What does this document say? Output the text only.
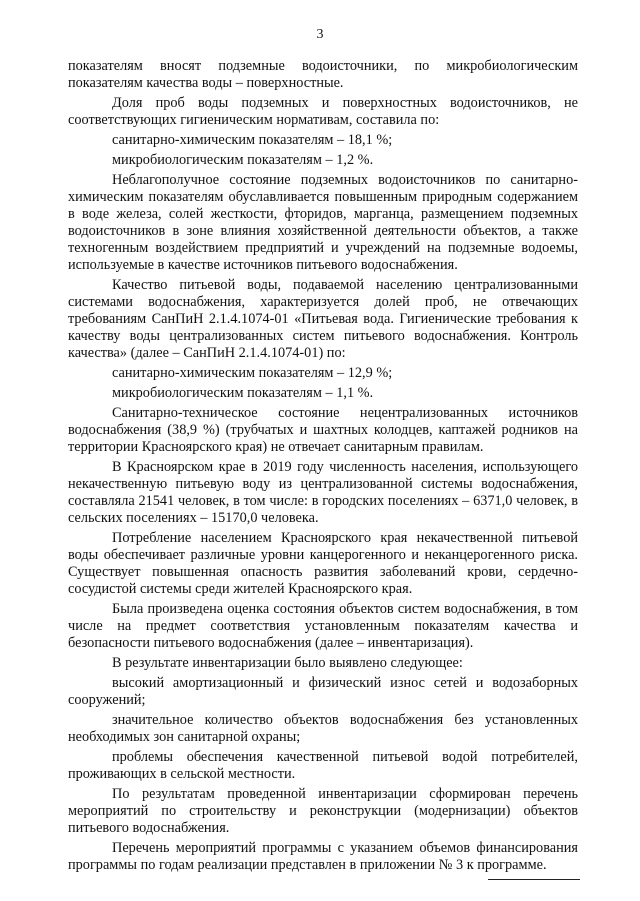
3

показателям вносят подземные водоисточники, по микробиологическим показателям качества воды – поверхностные.

Доля проб воды подземных и поверхностных водоисточников, не соответствующих гигиеническим нормативам, составила по:

санитарно-химическим показателям – 18,1 %;

микробиологическим показателям – 1,2 %.

Неблагополучное состояние подземных водоисточников по санитарно-химическим показателям обуславливается повышенным природным содержанием в воде железа, солей жесткости, фторидов, марганца, размещением подземных водоисточников в зоне влияния хозяйственной деятельности объектов, а также техногенным воздействием предприятий и учреждений на подземные водоемы, используемые в качестве источников питьевого водоснабжения.

Качество питьевой воды, подаваемой населению централизованными системами водоснабжения, характеризуется долей проб, не отвечающих требованиям СанПиН 2.1.4.1074-01 «Питьевая вода. Гигиенические требования к качеству воды централизованных систем питьевого водоснабжения. Контроль качества» (далее – СанПиН 2.1.4.1074-01) по:

санитарно-химическим показателям – 12,9 %;

микробиологическим показателям – 1,1 %.

Санитарно-техническое состояние нецентрализованных источников водоснабжения (38,9 %) (трубчатых и шахтных колодцев, каптажей родников на территории Красноярского края) не отвечает санитарным правилам.

В Красноярском крае в 2019 году численность населения, использующего некачественную питьевую воду из централизованной системы водоснабжения, составляла 21541 человек, в том числе: в городских поселениях – 6371,0 человек, в сельских поселениях – 15170,0 человека.

Потребление населением Красноярского края некачественной питьевой воды обеспечивает различные уровни канцерогенного и неканцерогенного риска. Существует повышенная опасность развития заболеваний крови, сердечно-сосудистой системы среди жителей Красноярского края.

Была произведена оценка состояния объектов систем водоснабжения, в том числе на предмет соответствия установленным показателям качества и безопасности питьевого водоснабжения (далее – инвентаризация).

В результате инвентаризации было выявлено следующее:

высокий амортизационный и физический износ сетей и водозаборных сооружений;

значительное количество объектов водоснабжения без установленных необходимых зон санитарной охраны;

проблемы обеспечения качественной питьевой водой потребителей, проживающих в сельской местности.

По результатам проведенной инвентаризации сформирован перечень мероприятий по строительству и реконструкции (модернизации) объектов питьевого водоснабжения.

Перечень мероприятий программы с указанием объемов финансирования программы по годам реализации представлен в приложении № 3 к программе.
